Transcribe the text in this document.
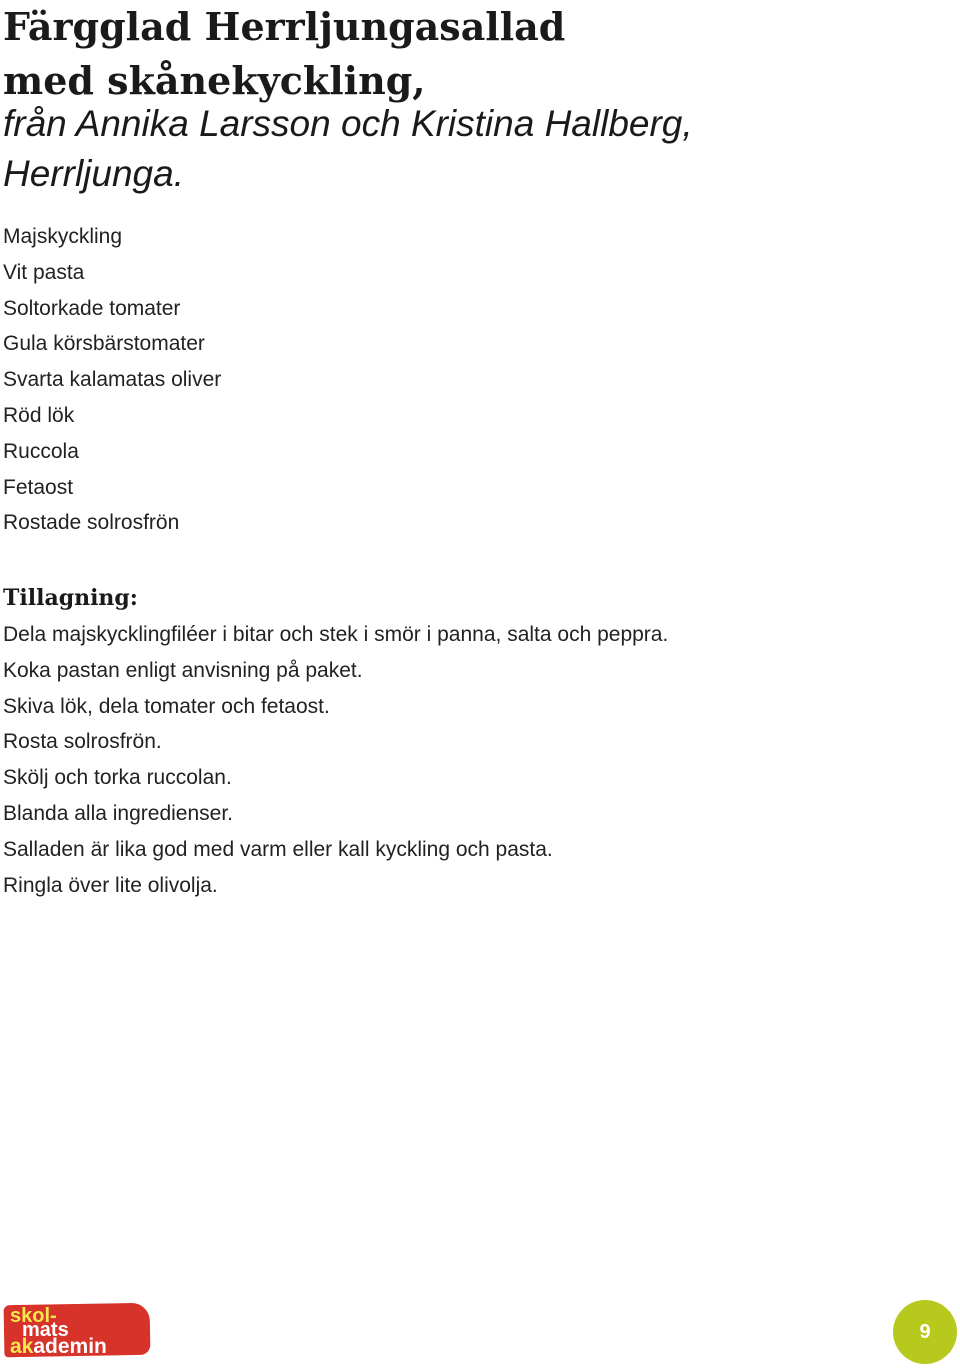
Färgglad Herrljungasallad
med skånekyckling,

från Annika Larsson och Kristina Hallberg,
Herrljunga.

Majskyckling
Vit pasta
Soltorkade tomater
Gula körsbärstomater
Svarta kalamatas oliver
Röd lök
Ruccola
Fetaost
Rostade solrosfrön
Tillagning:
Dela majskycklingfiléer i bitar och stek i smör i panna, salta och peppra.
Koka pastan enligt anvisning på paket.
Skiva lök, dela tomater och fetaost.
Rosta solrosfrön.
Skölj och torka ruccolan.
Blanda alla ingredienser.
Salladen är lika god med varm eller kall kyckling och pasta.
Ringla över lite olivolja.
skol-
mats
akademin
9
